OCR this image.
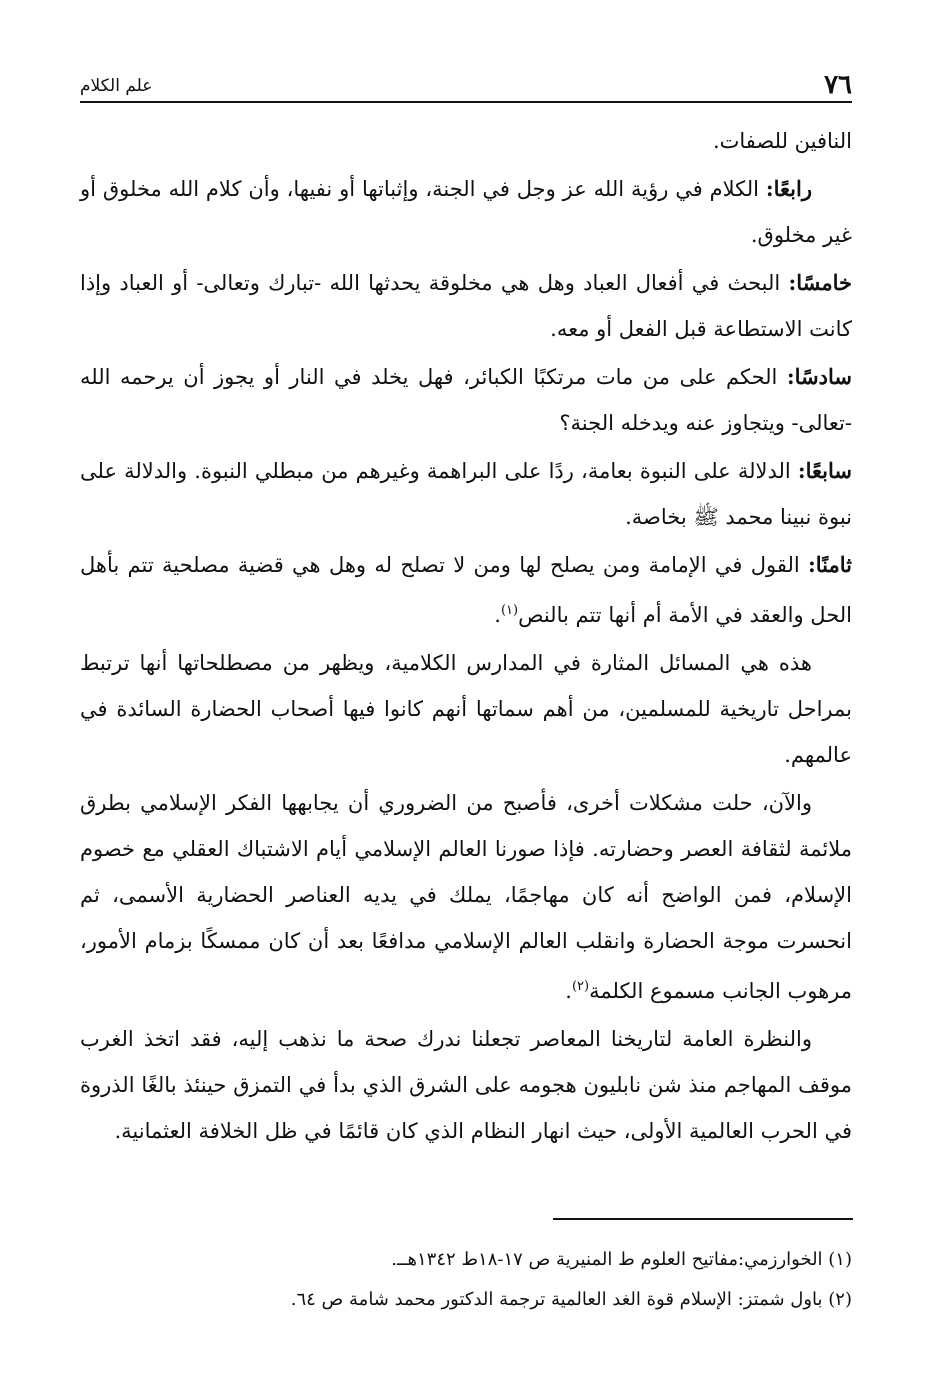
٧٦
علم الكلام

النافين للصفات.

رابعًا: الكلام في رؤية الله عز وجل في الجنة، وإثباتها أو نفيها، وأن كلام الله مخلوق أو غير مخلوق.

خامسًا: البحث في أفعال العباد وهل هي مخلوقة يحدثها الله -تبارك وتعالى- أو العباد وإذا كانت الاستطاعة قبل الفعل أو معه.

سادسًا: الحكم على من مات مرتكبًا الكبائر، فهل يخلد في النار أو يجوز أن يرحمه الله -تعالى- ويتجاوز عنه ويدخله الجنة؟

سابعًا: الدلالة على النبوة بعامة، ردًا على البراهمة وغيرهم من مبطلي النبوة. والدلالة على نبوة نبينا محمد ﷺ بخاصة.

ثامنًا: القول في الإمامة ومن يصلح لها ومن لا تصلح له وهل هي قضية مصلحية تتم بأهل الحل والعقد في الأمة أم أنها تتم بالنص$^{(١)}$.

هذه هي المسائل المثارة في المدارس الكلامية، ويظهر من مصطلحاتها أنها ترتبط بمراحل تاريخية للمسلمين، من أهم سماتها أنهم كانوا فيها أصحاب الحضارة السائدة في عالمهم.

والآن، حلت مشكلات أخرى، فأصبح من الضروري أن يجابهها الفكر الإسلامي بطرق ملائمة لثقافة العصر وحضارته. فإذا صورنا العالم الإسلامي أيام الاشتباك العقلي مع خصوم الإسلام، فمن الواضح أنه كان مهاجمًا، يملك في يديه العناصر الحضارية الأسمى، ثم انحسرت موجة الحضارة وانقلب العالم الإسلامي مدافعًا بعد أن كان ممسكًا بزمام الأمور، مرهوب الجانب مسموع الكلمة$^{(٢)}$.

والنظرة العامة لتاريخنا المعاصر تجعلنا ندرك صحة ما نذهب إليه، فقد اتخذ الغرب موقف المهاجم منذ شن نابليون هجومه على الشرق الذي بدأ في التمزق حينئذ بالغًا الذروة في الحرب العالمية الأولى، حيث انهار النظام الذي كان قائمًا في ظل الخلافة العثمانية.

(١) الخوارزمي:مفاتيح العلوم ط المنيرية ص ١٧-١٨ط ١٣٤٢هــ.

(٢) باول شمتز: الإسلام قوة الغد العالمية ترجمة الدكتور محمد شامة ص ٦٤.
